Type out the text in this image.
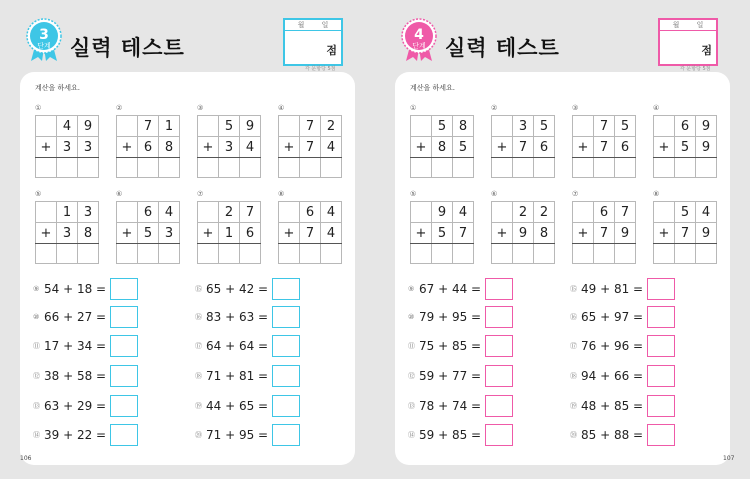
3
단계 실력 테스트
월 일
점
각 문항당 5점
106
4
단계 실력 테스트
월 일
점
각 문항당 5점
107
계산을 하세요.	계산을 하세요.
①
	4	9
+	3	3

②
	7	1
+	6	8

③
	5	9
+	3	4

④
	7	2
+	7	4

⑤
	1	3
+	3	8

⑥
	6	4
+	5	3

⑦
	2	7
+	1	6

⑧
	6	4
+	7	4

⑨ 54 + 18 =
⑩ 66 + 27 =
⑪ 17 + 34 =
⑫ 38 + 58 =
⑬ 63 + 29 =
⑭ 39 + 22 =
⑮ 65 + 42 =
⑯ 83 + 63 =
⑰ 64 + 64 =
⑱ 71 + 81 =
⑲ 44 + 65 =
⑳ 71 + 95 =
①
	5	8
+	8	5

②
	3	5
+	7	6

③
	7	5
+	7	6

④
	6	9
+	5	9

⑤
	9	4
+	5	7

⑥
	2	2
+	9	8

⑦
	6	7
+	7	9

⑧
	5	4
+	7	9

⑨ 67 + 44 =
⑩ 79 + 95 =
⑪ 75 + 85 =
⑫ 59 + 77 =
⑬ 78 + 74 =
⑭ 59 + 85 =
⑮ 49 + 81 =
⑯ 65 + 97 =
⑰ 76 + 96 =
⑱ 94 + 66 =
⑲ 48 + 85 =
⑳ 85 + 88 =
